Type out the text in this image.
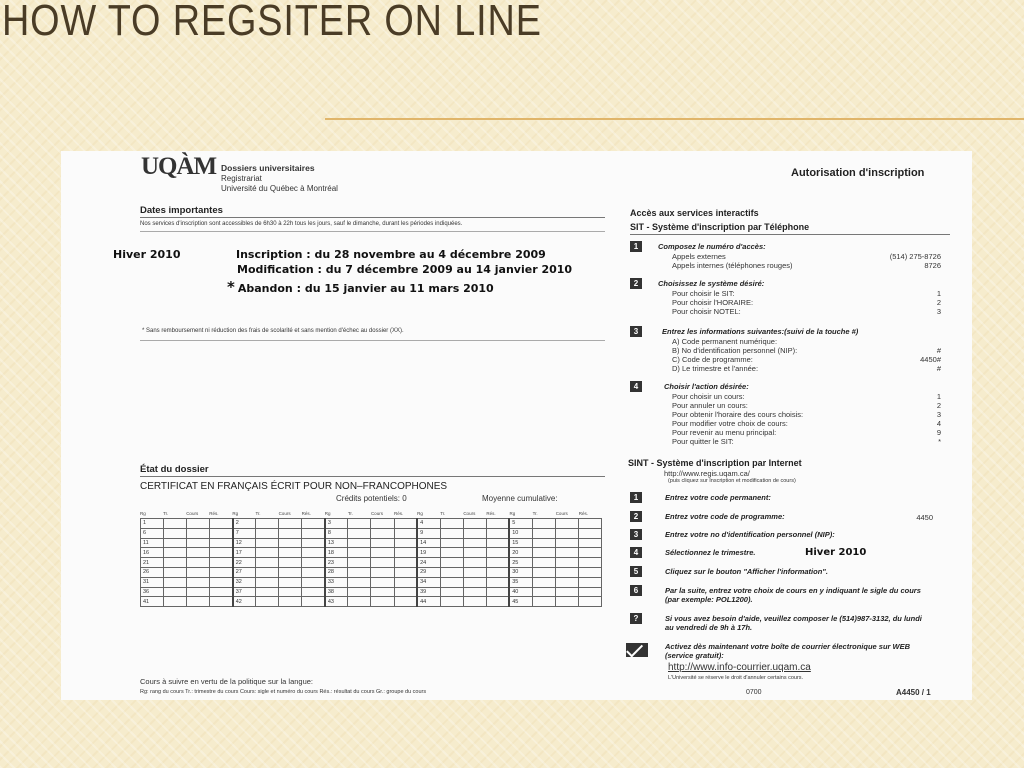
HOW TO REGSITER ON LINE
UQÀM Dossiers universitaires
Registrariat
Université du Québec à Montréal
Autorisation d'inscription
Dates importantes
Nos services d'inscription sont accessibles de 6h30 à 22h tous les jours, sauf le dimanche, durant les périodes indiquées.
Hiver 2010	Inscription : du 28 novembre au 4 décembre 2009
Modification : du 7 décembre 2009 au 14 janvier 2010
* Abandon : du 15 janvier au 11 mars 2010
* Sans remboursement ni réduction des frais de scolarité et sans mention d'échec au dossier (XX).
État du dossier
CERTIFICAT EN FRANÇAIS ÉCRIT POUR NON–FRANCOPHONES
Crédits potentiels: 0	Moyenne cumulative:
Rg	Tr.	Cours	Rés.	Rg	Tr.	Cours	Rés.	Rg	Tr.	Cours	Rés.	Rg	Tr.	Cours	Rés.	Rg	Tr.	Cours	Rés.
1				2				3				4				5			
6				7				8				9				10			
11				12				13				14				15			
16				17				18				19				20			
21				22				23				24				25			
26				27				28				29				30			
31				32				33				34				35			
36				37				38				39				40			
41				42				43				44				45			
Cours à suivre en vertu de la politique sur la langue:
Rg: rang du cours Tr.: trimestre du cours Cours: sigle et numéro du cours Rés.: résultat du cours Gr.: groupe du cours	0700	A4450 / 1
Accès aux services interactifs
SIT - Système d'inscription par Téléphone
1	Composez le numéro d'accès:
Appels externes	(514) 275-8726
Appels internes (téléphones rouges)	8726
2	Choisissez le système désiré:
Pour choisir le SIT:	1
Pour choisir l'HORAIRE:	2
Pour choisir NOTEL:	3
3	Entrez les informations suivantes:(suivi de la touche #)
A) Code permanent numérique:
B) No d'identification personnel (NIP):	#
C) Code de programme:	4450#
D) Le trimestre et l'année:	#
4	Choisir l'action désirée:
Pour choisir un cours:	1
Pour annuler un cours:	2
Pour obtenir l'horaire des cours choisis:	3
Pour modifier votre choix de cours:	4
Pour revenir au menu principal:	9
Pour quitter le SIT:	*
SINT - Système d'inscription par Internet
http://www.regis.uqam.ca/
(puis cliquez sur Inscription et modification de cours)
1	Entrez votre code permanent:
2	Entrez votre code de programme:	4450
3	Entrez votre no d'identification personnel (NIP):
4	Sélectionnez le trimestre.	Hiver 2010
5	Cliquez sur le bouton "Afficher l'information".
6	Par la suite, entrez votre choix de cours en y indiquant le sigle du cours (par exemple: POL1200).
?	Si vous avez besoin d'aide, veuillez composer le (514)987-3132, du lundi au vendredi de 9h à 17h.
Activez dès maintenant votre boîte de courrier électronique sur WEB (service gratuit):
http://www.info-courrier.uqam.ca
L'Université se réserve le droit d'annuler certains cours.
